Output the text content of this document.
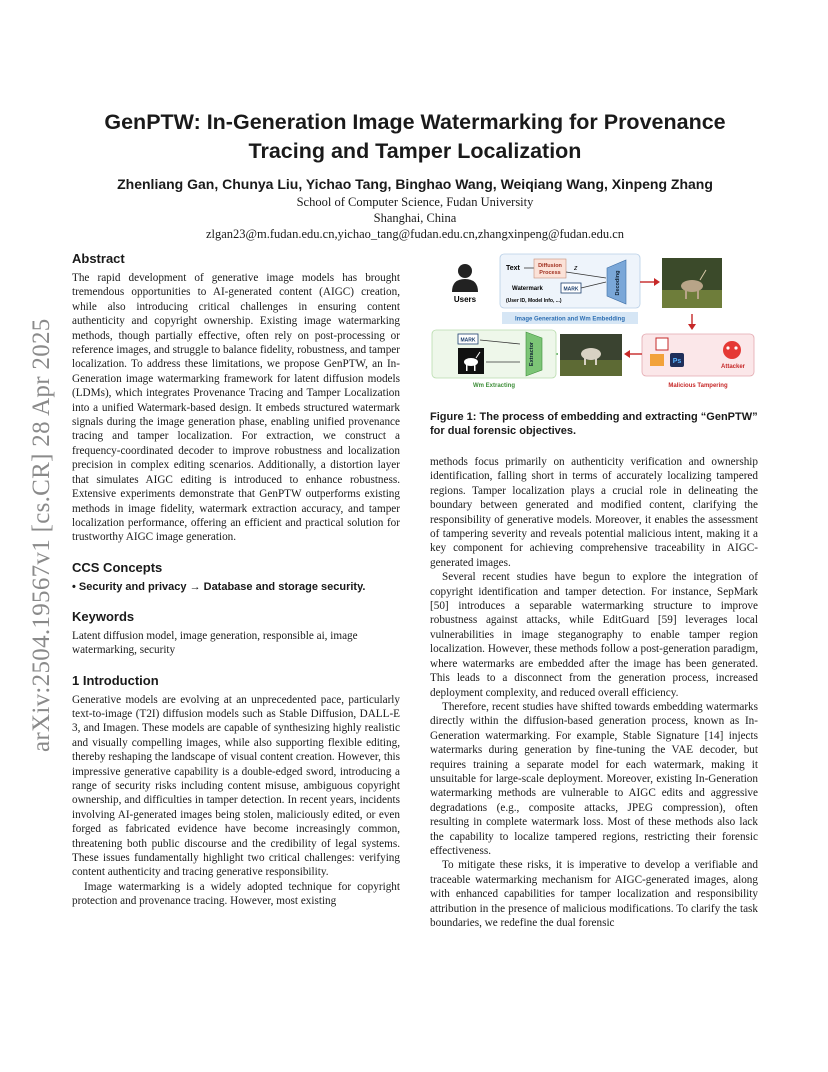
arXiv:2504.19567v1 [cs.CR] 28 Apr 2025
GenPTW: In-Generation Image Watermarking for Provenance
Tracing and Tamper Localization
Zhenliang Gan, Chunya Liu, Yichao Tang, Binghao Wang, Weiqiang Wang, Xinpeng Zhang
School of Computer Science, Fudan University
Shanghai, China
zlgan23@m.fudan.edu.cn,yichao_tang@fudan.edu.cn,zhangxinpeng@fudan.edu.cn
Abstract

The rapid development of generative image models has brought tremendous opportunities to AI-generated content (AIGC) creation, while also introducing critical challenges in ensuring content authenticity and copyright ownership. Existing image watermarking methods, though partially effective, often rely on post-processing or reference images, and struggle to balance fidelity, robustness, and tamper localization. To address these limitations, we propose GenPTW, an In-Generation image watermarking framework for latent diffusion models (LDMs), which integrates Provenance Tracing and Tamper Localization into a unified Watermark-based design. It embeds structured watermark signals during the image generation phase, enabling unified provenance tracing and tamper localization. For extraction, we construct a frequency-coordinated decoder to improve robustness and localization precision in complex editing scenarios. Additionally, a distortion layer that simulates AIGC editing is introduced to enhance robustness. Extensive experiments demonstrate that GenPTW outperforms existing methods in image fidelity, watermark extraction accuracy, and tamper localization performance, offering an efficient and practical solution for trustworthy AIGC image generation.

CCS Concepts
• Security and privacy → Database and storage security.
Keywords

Latent diffusion model, image generation, responsible ai, image watermarking, security

1 Introduction

Generative models are evolving at an unprecedented pace, particularly text-to-image (T2I) diffusion models such as Stable Diffusion, DALL-E 3, and Imagen. These models are capable of synthesizing highly realistic and visually compelling images, while also supporting flexible editing, thereby reshaping the landscape of visual content creation. However, this impressive generative capability is a double-edged sword, introducing a range of security risks including content misuse, ambiguous copyright ownership, and difficulties in tamper detection. In recent years, incidents involving AI-generated images being stolen, maliciously edited, or even forged as fabricated evidence have become increasingly common, threatening both public discourse and the credibility of legal systems. These issues fundamentally highlight two critical challenges: verifying content authenticity and tracing generative responsibility.

Image watermarking is a widely adopted technique for copyright protection and provenance tracing. However, most existing

Users
Text	Diffusion
Process
z
Watermark	MARK
(User ID, Model Info, ...)
Decoding
Image Generation and Wm Embedding
Ps
Attacker
Malicious Tampering
Extractor
MARK
Wm Extracting
Figure 1: The process of embedding and extracting “GenPTW” for dual forensic objectives.

methods focus primarily on authenticity verification and ownership identification, falling short in terms of accurately localizing tampered regions. Tamper localization plays a crucial role in delineating the boundary between generated and modified content, clarifying the responsibility of generative models. Moreover, it enables the assessment of tampering severity and reveals potential malicious intent, making it a key component for achieving comprehensive traceability in AIGC-generated images.

Several recent studies have begun to explore the integration of copyright identification and tamper detection. For instance, SepMark [50] introduces a separable watermarking structure to improve robustness against attacks, while EditGuard [59] leverages local vulnerabilities in image steganography to enable tamper region localization. However, these methods follow a post-generation paradigm, where watermarks are embedded after the image has been generated. This leads to a disconnect from the generation process, increased deployment complexity, and reduced overall efficiency.

Therefore, recent studies have shifted towards embedding watermarks directly within the diffusion-based generation process, known as In-Generation watermarking. For example, Stable Signature [14] injects watermarks during generation by fine-tuning the VAE decoder, but requires training a separate model for each watermark, making it unsuitable for large-scale deployment. Moreover, existing In-Generation watermarking methods are vulnerable to AIGC edits and aggressive degradations (e.g., composite attacks, JPEG compression), often resulting in complete watermark loss. Most of these methods also lack the capability to localize tampered regions, restricting their forensic effectiveness.

To mitigate these risks, it is imperative to develop a verifiable and traceable watermarking mechanism for AIGC-generated images, along with enhanced capabilities for tamper localization and responsibility attribution in the presence of malicious modifications. To clarify the task boundaries, we redefine the dual forensic
